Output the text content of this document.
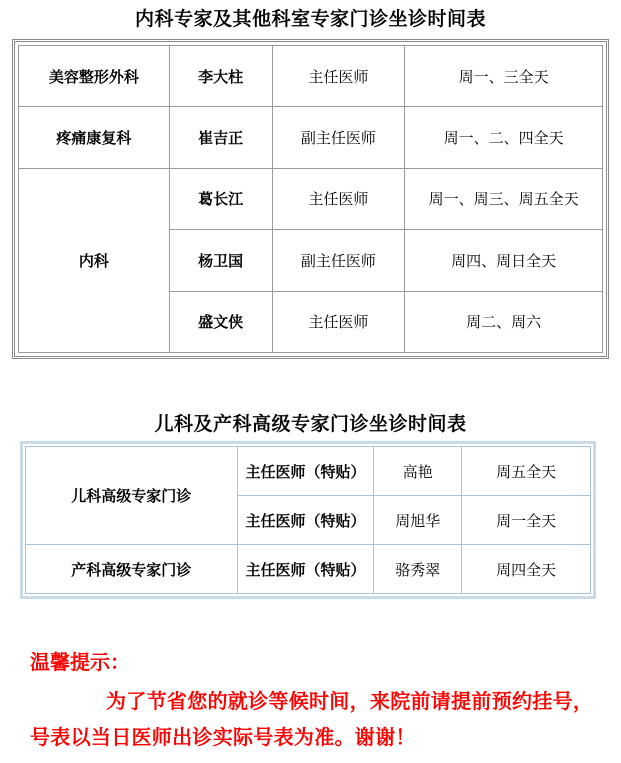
内科专家及其他科室专家门诊坐诊时间表
美容整形外科	李大柱	主任医师	周一、三全天
疼痛康复科	崔吉正	副主任医师	周一、二、四全天
内科	葛长江	主任医师	周一、周三、周五全天
	杨卫国	副主任医师	周四、周日全天
	盛文侠	主任医师	周二、周六
儿科及产科高级专家门诊坐诊时间表
儿科高级专家门诊	主任医师（特贴）	高艳	周五全天
	主任医师（特贴）	周旭华	周一全天
产科高级专家门诊	主任医师（特贴）	骆秀翠	周四全天
温馨提示：
为了节省您的就诊等候时间，来院前请提前预约挂号，号表以当日医师出诊实际号表为准。谢谢！
